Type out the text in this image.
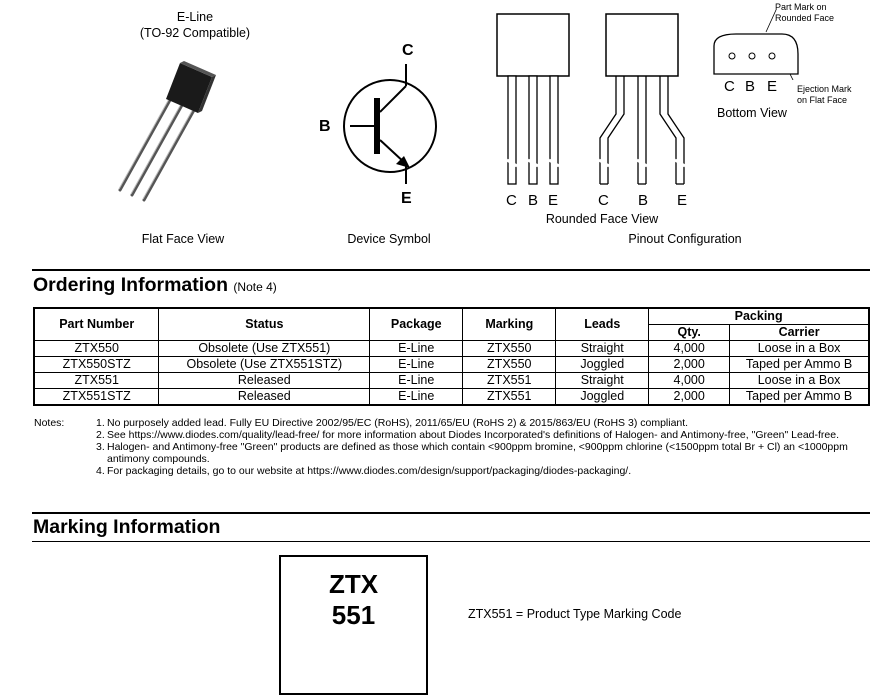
E-Line
(TO-92 Compatible)
Flat Face View
C
B
E
Device Symbol
C B E	C B E
Rounded Face View
Pinout Configuration
Part Mark on
Rounded Face
C B E Ejection Mark
on Flat Face
Bottom View
Ordering Information (Note 4)
Part Number	Status	Package	Marking	Leads	Packing	
					Qty.	Carrier
ZTX550	Obsolete (Use ZTX551)	E-Line	ZTX550	Straight	4,000	Loose in a Box
ZTX550STZ	Obsolete (Use ZTX551STZ)	E-Line	ZTX550	Joggled	2,000	Taped per Ammo B
ZTX551	Released	E-Line	ZTX551	Straight	4,000	Loose in a Box
ZTX551STZ	Released	E-Line	ZTX551	Joggled	2,000	Taped per Ammo B
Notes:	1. No purposely added lead. Fully EU Directive 2002/95/EC (RoHS), 2011/65/EU (RoHS 2) & 2015/863/EU (RoHS 3) compliant.
2. See https://www.diodes.com/quality/lead-free/ for more information about Diodes Incorporated's definitions of Halogen- and Antimony-free, "Green" Lead-free.
3. Halogen- and Antimony-free "Green" products are defined as those which contain <900ppm bromine, <900ppm chlorine (<1500ppm total Br + Cl) an <1000ppm antimony compounds.
4. For packaging details, go to our website at https://www.diodes.com/design/support/packaging/diodes-packaging/.
Marking Information
ZTX
551	ZTX551 = Product Type Marking Code
